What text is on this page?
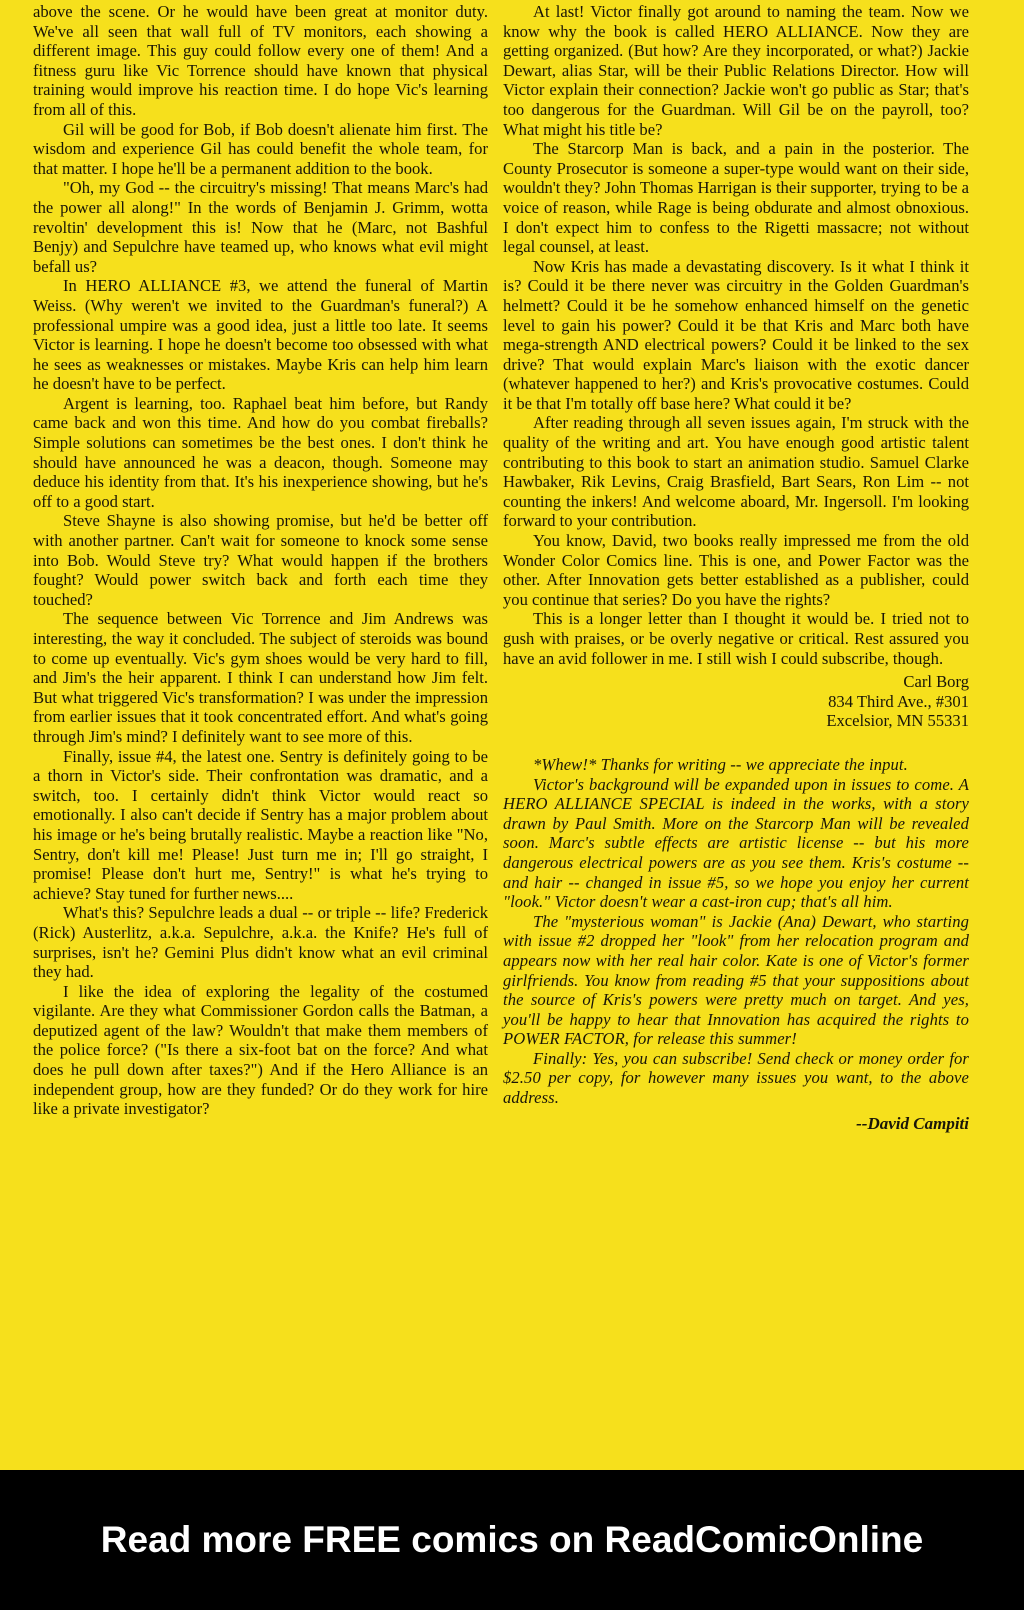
above the scene. Or he would have been great at monitor duty. We've all seen that wall full of TV monitors, each showing a different image. This guy could follow every one of them! And a fitness guru like Vic Torrence should have known that physical training would improve his reaction time. I do hope Vic's learning from all of this.

Gil will be good for Bob, if Bob doesn't alienate him first. The wisdom and experience Gil has could benefit the whole team, for that matter. I hope he'll be a permanent addition to the book.

"Oh, my God -- the circuitry's missing! That means Marc's had the power all along!" In the words of Benjamin J. Grimm, wotta revoltin' development this is! Now that he (Marc, not Bashful Benjy) and Sepulchre have teamed up, who knows what evil might befall us?

In HERO ALLIANCE #3, we attend the funeral of Martin Weiss. (Why weren't we invited to the Guardman's funeral?) A professional umpire was a good idea, just a little too late. It seems Victor is learning. I hope he doesn't become too obsessed with what he sees as weaknesses or mistakes. Maybe Kris can help him learn he doesn't have to be perfect.

Argent is learning, too. Raphael beat him before, but Randy came back and won this time. And how do you combat fireballs? Simple solutions can sometimes be the best ones. I don't think he should have announced he was a deacon, though. Someone may deduce his identity from that. It's his inexperience showing, but he's off to a good start.

Steve Shayne is also showing promise, but he'd be better off with another partner. Can't wait for someone to knock some sense into Bob. Would Steve try? What would happen if the brothers fought? Would power switch back and forth each time they touched?

The sequence between Vic Torrence and Jim Andrews was interesting, the way it concluded. The subject of steroids was bound to come up eventually. Vic's gym shoes would be very hard to fill, and Jim's the heir apparent. I think I can understand how Jim felt. But what triggered Vic's transformation? I was under the impression from earlier issues that it took concentrated effort. And what's going through Jim's mind? I definitely want to see more of this.

Finally, issue #4, the latest one. Sentry is definitely going to be a thorn in Victor's side. Their confrontation was dramatic, and a switch, too. I certainly didn't think Victor would react so emotionally. I also can't decide if Sentry has a major problem about his image or he's being brutally realistic. Maybe a reaction like "No, Sentry, don't kill me! Please! Just turn me in; I'll go straight, I promise! Please don't hurt me, Sentry!" is what he's trying to achieve? Stay tuned for further news....

What's this? Sepulchre leads a dual -- or triple -- life? Frederick (Rick) Austerlitz, a.k.a. Sepulchre, a.k.a. the Knife? He's full of surprises, isn't he? Gemini Plus didn't know what an evil criminal they had.

I like the idea of exploring the legality of the costumed vigilante. Are they what Commissioner Gordon calls the Batman, a deputized agent of the law? Wouldn't that make them members of the police force? ("Is there a six-foot bat on the force? And what does he pull down after taxes?") And if the Hero Alliance is an independent group, how are they funded? Or do they work for hire like a private investigator?

At last! Victor finally got around to naming the team. Now we know why the book is called HERO ALLIANCE. Now they are getting organized. (But how? Are they incorporated, or what?) Jackie Dewart, alias Star, will be their Public Relations Director. How will Victor explain their connection? Jackie won't go public as Star; that's too dangerous for the Guardman. Will Gil be on the payroll, too? What might his title be?

The Starcorp Man is back, and a pain in the posterior. The County Prosecutor is someone a super-type would want on their side, wouldn't they? John Thomas Harrigan is their supporter, trying to be a voice of reason, while Rage is being obdurate and almost obnoxious. I don't expect him to confess to the Rigetti massacre; not without legal counsel, at least.

Now Kris has made a devastating discovery. Is it what I think it is? Could it be there never was circuitry in the Golden Guardman's helmett? Could it be he somehow enhanced himself on the genetic level to gain his power? Could it be that Kris and Marc both have mega-strength AND electrical powers? Could it be linked to the sex drive? That would explain Marc's liaison with the exotic dancer (whatever happened to her?) and Kris's provocative costumes. Could it be that I'm totally off base here? What could it be?

After reading through all seven issues again, I'm struck with the quality of the writing and art. You have enough good artistic talent contributing to this book to start an animation studio. Samuel Clarke Hawbaker, Rik Levins, Craig Brasfield, Bart Sears, Ron Lim -- not counting the inkers! And welcome aboard, Mr. Ingersoll. I'm looking forward to your contribution.

You know, David, two books really impressed me from the old Wonder Color Comics line. This is one, and Power Factor was the other. After Innovation gets better established as a publisher, could you continue that series? Do you have the rights?

This is a longer letter than I thought it would be. I tried not to gush with praises, or be overly negative or critical. Rest assured you have an avid follower in me. I still wish I could subscribe, though.

Carl Borg

834 Third Ave., #301

Excelsior, MN 55331

*Whew!* Thanks for writing -- we appreciate the input.

Victor's background will be expanded upon in issues to come. A HERO ALLIANCE SPECIAL is indeed in the works, with a story drawn by Paul Smith. More on the Starcorp Man will be revealed soon. Marc's subtle effects are artistic license -- but his more dangerous electrical powers are as you see them. Kris's costume -- and hair -- changed in issue #5, so we hope you enjoy her current "look." Victor doesn't wear a cast-iron cup; that's all him.

The "mysterious woman" is Jackie (Ana) Dewart, who starting with issue #2 dropped her "look" from her relocation program and appears now with her real hair color. Kate is one of Victor's former girlfriends. You know from reading #5 that your suppositions about the source of Kris's powers were pretty much on target. And yes, you'll be happy to hear that Innovation has acquired the rights to POWER FACTOR, for release this summer!

Finally: Yes, you can subscribe! Send check or money order for $2.50 per copy, for however many issues you want, to the above address.

--David Campiti
Read more FREE comics on ReadComicOnline
